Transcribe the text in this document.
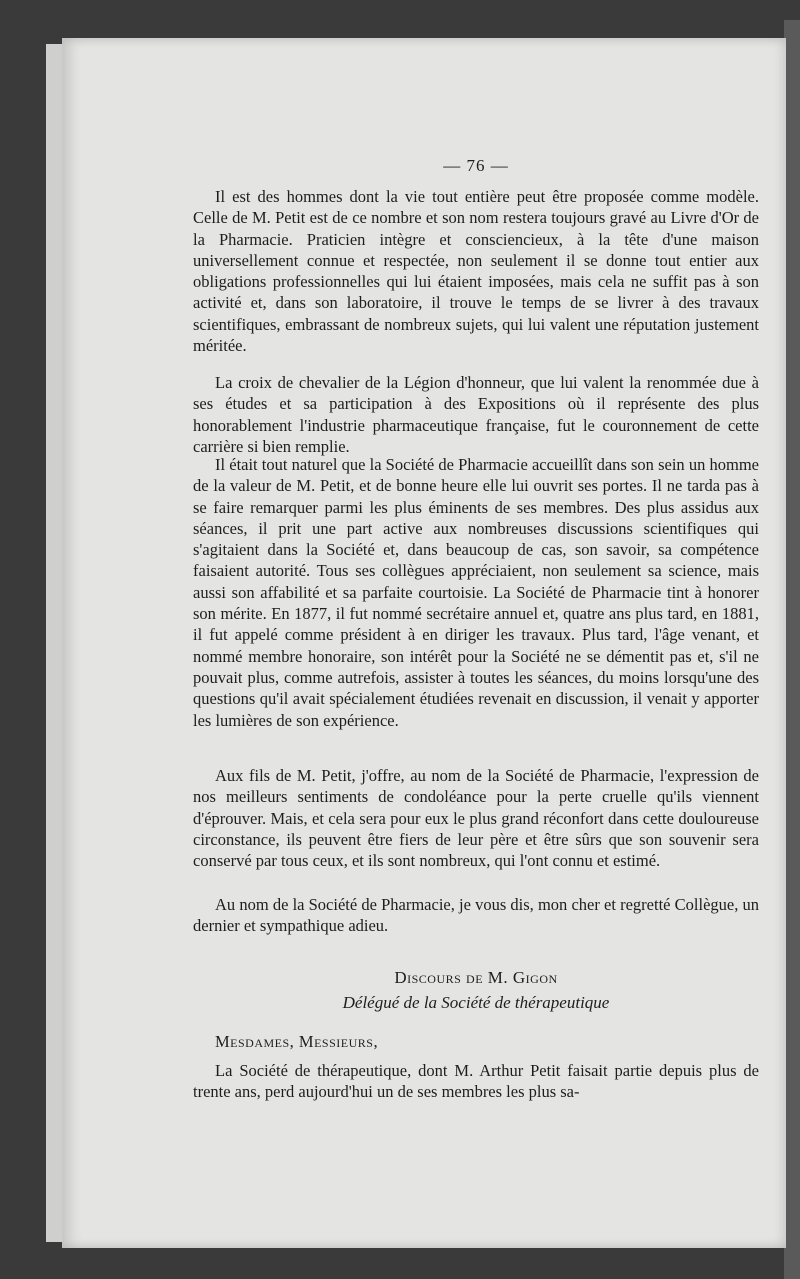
— 76 —

Il est des hommes dont la vie tout entière peut être proposée comme modèle. Celle de M. Petit est de ce nombre et son nom restera toujours gravé au Livre d'Or de la Pharmacie. Praticien intègre et consciencieux, à la tête d'une maison universellement connue et respectée, non seulement il se donne tout entier aux obligations professionnelles qui lui étaient imposées, mais cela ne suffit pas à son activité et, dans son laboratoire, il trouve le temps de se livrer à des travaux scientifiques, embrassant de nombreux sujets, qui lui valent une réputation justement méritée.

La croix de chevalier de la Légion d'honneur, que lui valent la renommée due à ses études et sa participation à des Expositions où il représente des plus honorablement l'industrie pharmaceutique française, fut le couronnement de cette carrière si bien remplie.

Il était tout naturel que la Société de Pharmacie accueillît dans son sein un homme de la valeur de M. Petit, et de bonne heure elle lui ouvrit ses portes. Il ne tarda pas à se faire remarquer parmi les plus éminents de ses membres. Des plus assidus aux séances, il prit une part active aux nombreuses discussions scientifiques qui s'agitaient dans la Société et, dans beaucoup de cas, son savoir, sa compétence faisaient autorité. Tous ses collègues appréciaient, non seulement sa science, mais aussi son affabilité et sa parfaite courtoisie. La Société de Pharmacie tint à honorer son mérite. En 1877, il fut nommé secrétaire annuel et, quatre ans plus tard, en 1881, il fut appelé comme président à en diriger les travaux. Plus tard, l'âge venant, et nommé membre honoraire, son intérêt pour la Société ne se démentit pas et, s'il ne pouvait plus, comme autrefois, assister à toutes les séances, du moins lorsqu'une des questions qu'il avait spécialement étudiées revenait en discussion, il venait y apporter les lumières de son expérience.

Aux fils de M. Petit, j'offre, au nom de la Société de Pharmacie, l'expression de nos meilleurs sentiments de condoléance pour la perte cruelle qu'ils viennent d'éprouver. Mais, et cela sera pour eux le plus grand réconfort dans cette douloureuse circonstance, ils peuvent être fiers de leur père et être sûrs que son souvenir sera conservé par tous ceux, et ils sont nombreux, qui l'ont connu et estimé.

Au nom de la Société de Pharmacie, je vous dis, mon cher et regretté Collègue, un dernier et sympathique adieu.

Discours de M. Gigon
Délégué de la Société de thérapeutique
Mesdames, Messieurs,

La Société de thérapeutique, dont M. Arthur Petit faisait partie depuis plus de trente ans, perd aujourd'hui un de ses membres les plus sa-
